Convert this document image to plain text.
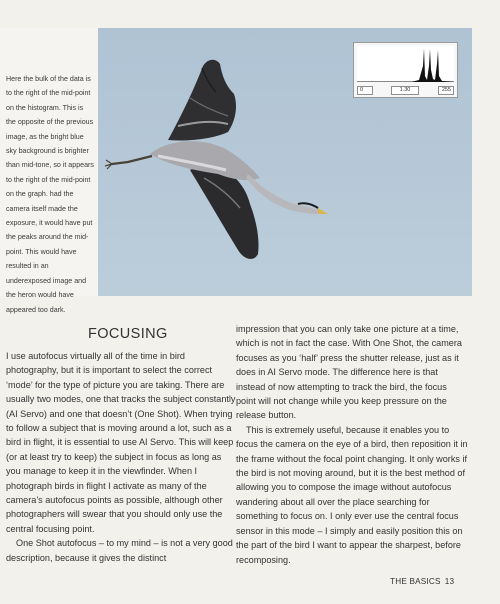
Here the bulk of the data is to the right of the mid-point on the histogram. This is the opposite of the previous image, as the bright blue sky background is brighter than mid-tone, so it appears to the right of the mid-point on the graph. had the camera itself made the exposure, it would have put the peaks around the mid-point. This would have resulted in an underexposed image and the heron would have appeared too dark.
0	1.30	255
FOCUSING

I use autofocus virtually all of the time in bird photography, but it is important to select the correct ‘mode’ for the type of picture you are taking. There are usually two modes, one that tracks the subject constantly (AI Servo) and one that doesn’t (One Shot). When trying to follow a subject that is moving around a lot, such as a bird in flight, it is essential to use AI Servo. This will keep (or at least try to keep) the subject in focus as long as you manage to keep it in the viewfinder. When I photograph birds in flight I activate as many of the camera’s autofocus points as possible, although other photographers will swear that you should only use the central focusing point.

One Shot autofocus – to my mind – is not a very good description, because it gives the distinct

impression that you can only take one picture at a time, which is not in fact the case. With One Shot, the camera focuses as you ‘half’ press the shutter release, just as it does in AI Servo mode. The difference here is that instead of now attempting to track the bird, the focus point will not change while you keep pressure on the release button.

This is extremely useful, because it enables you to focus the camera on the eye of a bird, then reposition it in the frame without the focal point changing. It only works if the bird is not moving around, but it is the best method of allowing you to compose the image without autofocus wandering about all over the place searching for something to focus on. I only ever use the central focus sensor in this mode – I simply and easily position this on the part of the bird I want to appear the sharpest, before recomposing.

THE BASICS 13
